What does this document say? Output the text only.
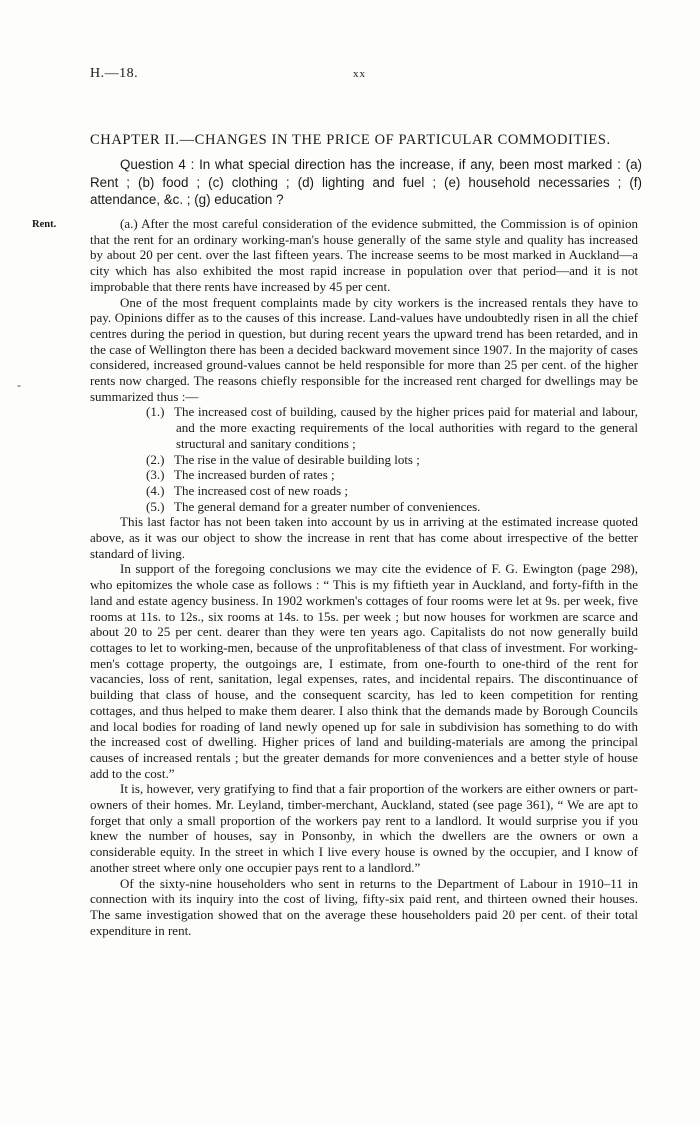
H.—18.	xx
CHAPTER II.—CHANGES IN THE PRICE OF PARTICULAR COMMODITIES.
Question 4 : In what special direction has the increase, if any, been most marked : (a) Rent ; (b) food ; (c) clothing ; (d) lighting and fuel ; (e) household necessaries ; (f) attendance, &c. ; (g) education ?
Rent.
-

(a.) After the most careful consideration of the evidence submitted, the Commission is of opinion that the rent for an ordinary working-man's house generally of the same style and quality has increased by about 20 per cent. over the last fifteen years. The increase seems to be most marked in Auckland—a city which has also exhibited the most rapid increase in population over that period—and it is not improbable that there rents have increased by 45 per cent.

One of the most frequent complaints made by city workers is the increased rentals they have to pay. Opinions differ as to the causes of this increase. Land-values have undoubtedly risen in all the chief centres during the period in question, but during recent years the upward trend has been retarded, and in the case of Wellington there has been a decided backward movement since 1907. In the majority of cases considered, increased ground-values cannot be held responsible for more than 25 per cent. of the higher rents now charged. The reasons chiefly responsible for the increased rent charged for dwellings may be summarized thus :—

(1.) The increased cost of building, caused by the higher prices paid for material and labour, and the more exacting requirements of the local authorities with regard to the general structural and sanitary conditions ;
(2.) The rise in the value of desirable building lots ;
(3.) The increased burden of rates ;
(4.) The increased cost of new roads ;
(5.) The general demand for a greater number of conveniences.

This last factor has not been taken into account by us in arriving at the estimated increase quoted above, as it was our object to show the increase in rent that has come about irrespective of the better standard of living.

In support of the foregoing conclusions we may cite the evidence of F. G. Ewington (page 298), who epitomizes the whole case as follows : “ This is my fiftieth year in Auckland, and forty-fifth in the land and estate agency business. In 1902 workmen's cottages of four rooms were let at 9s. per week, five rooms at 11s. to 12s., six rooms at 14s. to 15s. per week ; but now houses for workmen are scarce and about 20 to 25 per cent. dearer than they were ten years ago. Capitalists do not now generally build cottages to let to working-men, because of the unprofitableness of that class of investment. For working-men's cottage property, the outgoings are, I estimate, from one-fourth to one-third of the rent for vacancies, loss of rent, sanitation, legal expenses, rates, and incidental repairs. The discontinuance of building that class of house, and the consequent scarcity, has led to keen competition for renting cottages, and thus helped to make them dearer. I also think that the demands made by Borough Councils and local bodies for roading of land newly opened up for sale in subdivision has something to do with the increased cost of dwelling. Higher prices of land and building-materials are among the principal causes of increased rentals ; but the greater demands for more conveniences and a better style of house add to the cost.”

It is, however, very gratifying to find that a fair proportion of the workers are either owners or part-owners of their homes. Mr. Leyland, timber-merchant, Auckland, stated (see page 361), “ We are apt to forget that only a small proportion of the workers pay rent to a landlord. It would surprise you if you knew the number of houses, say in Ponsonby, in which the dwellers are the owners or own a considerable equity. In the street in which I live every house is owned by the occupier, and I know of another street where only one occupier pays rent to a landlord.”

Of the sixty-nine householders who sent in returns to the Department of Labour in 1910–11 in connection with its inquiry into the cost of living, fifty-six paid rent, and thirteen owned their houses. The same investigation showed that on the average these householders paid 20 per cent. of their total expenditure in rent.
